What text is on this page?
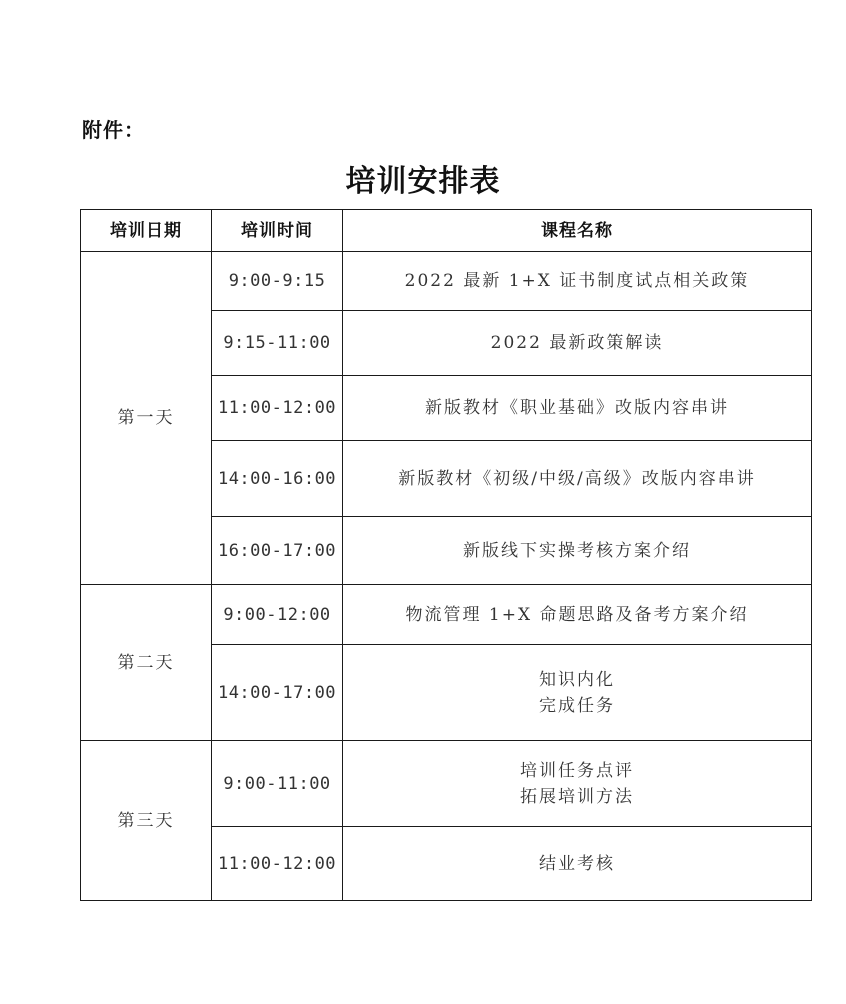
附件：
培训安排表
培训日期	培训时间	课程名称
第一天	9:00-9:15	2022 最新 1+X 证书制度试点相关政策

	9:15-11:00	2022 最新政策解读

	11:00-12:00	新版教材《职业基础》改版内容串讲

	14:00-16:00	新版教材《初级/中级/高级》改版内容串讲

	16:00-17:00	新版线下实操考核方案介绍

第二天	9:00-12:00	物流管理 1+X 命题思路及备考方案介绍

	14:00-17:00	知识内化
完成任务

第三天	9:00-11:00	培训任务点评
拓展培训方法

	11:00-12:00	结业考核
